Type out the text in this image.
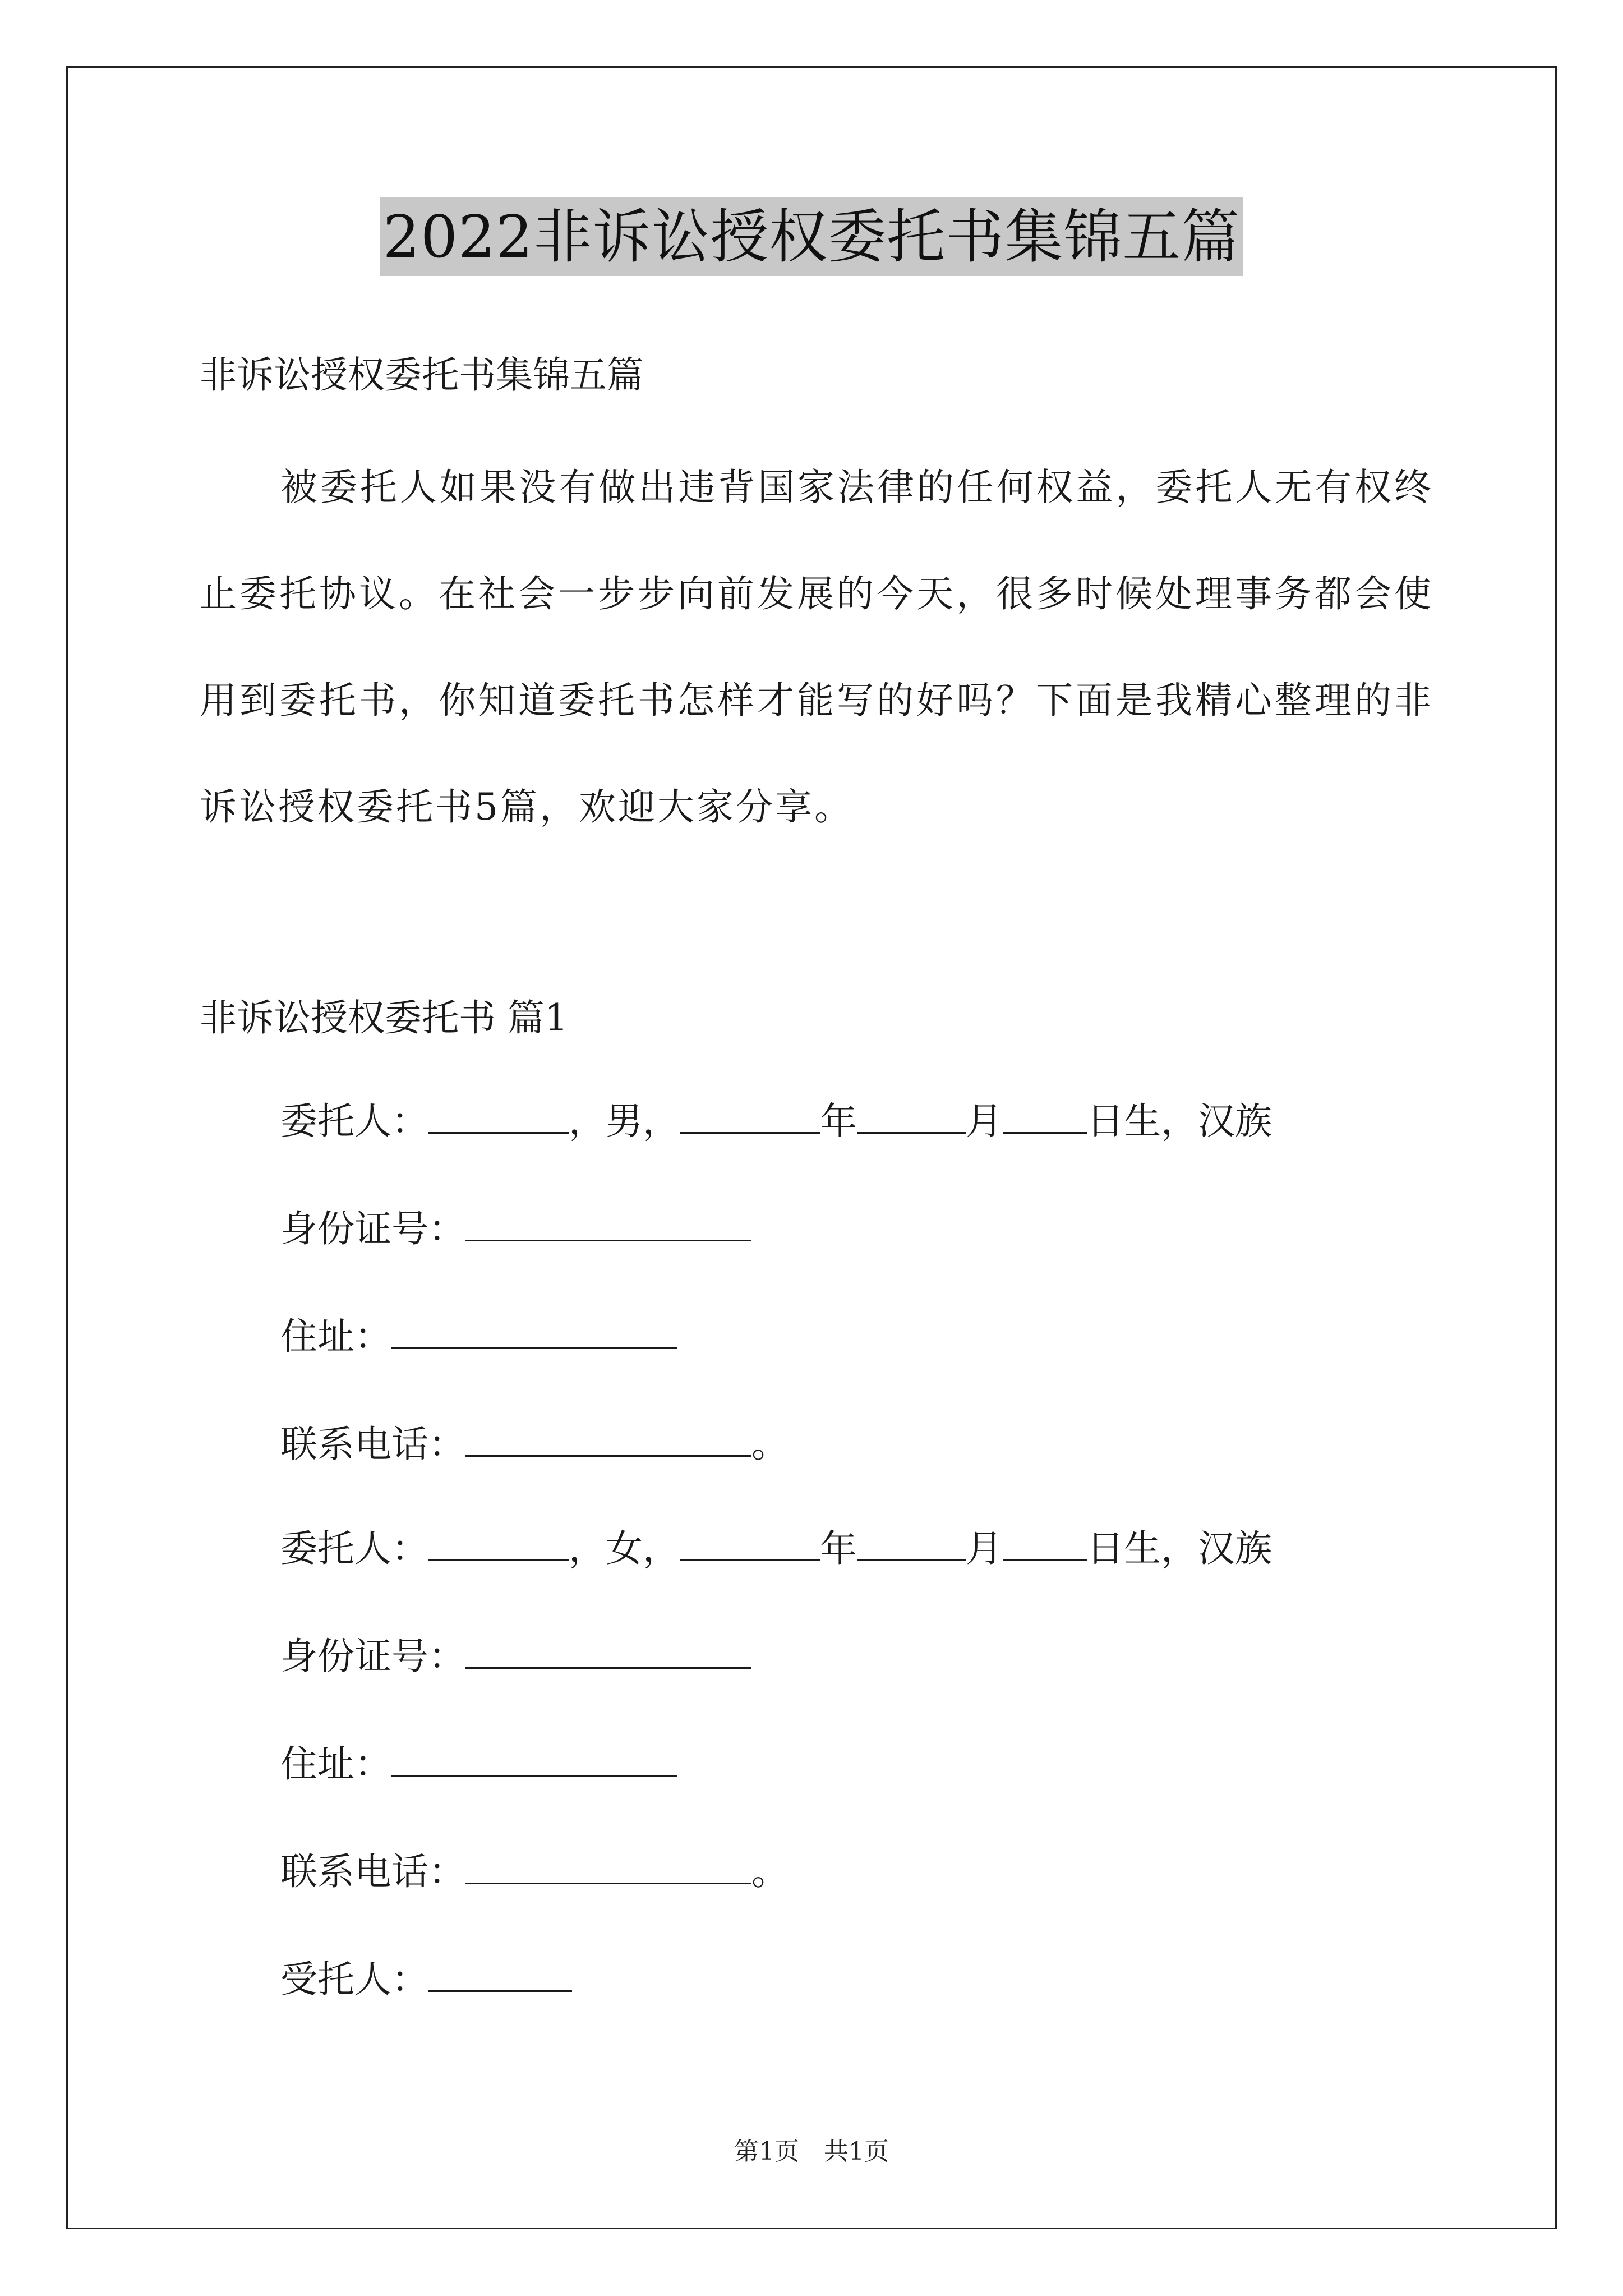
2022非诉讼授权委托书集锦五篇
非诉讼授权委托书集锦五篇
被委托人如果没有做出违背国家法律的任何权益，委托人无有权终止委托协议。在社会一步步向前发展的今天，很多时候处理事务都会使用到委托书，你知道委托书怎样才能写的好吗？下面是我精心整理的非诉讼授权委托书5篇，欢迎大家分享。
非诉讼授权委托书 篇1
委托人：	，男，	年	月 日生，汉族
身份证号：
住址：
联系电话：	。
委托人：	，女，	年	月 日生，汉族
身份证号：
住址：
联系电话：	。
受托人：
第1页　共1页
